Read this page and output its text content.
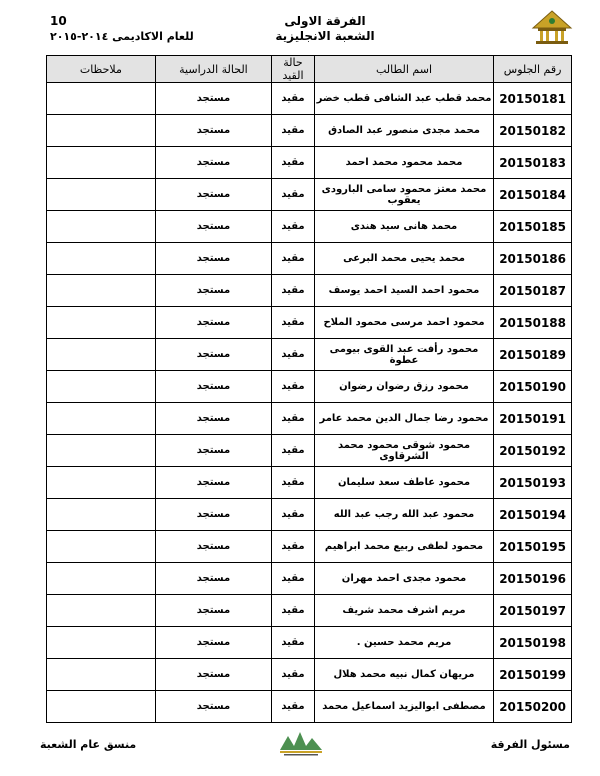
10
للعام الاكاديمى ٢٠١٤-٢٠١٥
الفرقة الاولى
الشعبة الانجليزية
رقم الجلوس	اسم الطالب	حالة القيد	الحالة الدراسية	ملاحظات
20150181	محمد قطب عبد الشافى قطب خضر	مقيد	مستجد	
20150182	محمد مجدى منصور عبد الصادق	مقيد	مستجد	
20150183	محمد محمود محمد احمد	مقيد	مستجد	
20150184	محمد معتز محمود سامى البارودى يعقوب	مقيد	مستجد	
20150185	محمد هانى سيد هندى	مقيد	مستجد	
20150186	محمد يحيى محمد البرعى	مقيد	مستجد	
20150187	محمود احمد السيد احمد يوسف	مقيد	مستجد	
20150188	محمود احمد مرسى محمود الملاح	مقيد	مستجد	
20150189	محمود رأفت عبد القوى بيومى عطوة	مقيد	مستجد	
20150190	محمود رزق رضوان رضوان	مقيد	مستجد	
20150191	محمود رضا جمال الدين محمد عامر	مقيد	مستجد	
20150192	محمود شوقى محمود محمد الشرقاوى	مقيد	مستجد	
20150193	محمود عاطف سعد سليمان	مقيد	مستجد	
20150194	محمود عبد الله رجب عبد الله	مقيد	مستجد	
20150195	محمود لطفى ربيع محمد ابراهيم	مقيد	مستجد	
20150196	محمود مجدى احمد مهران	مقيد	مستجد	
20150197	مريم اشرف محمد شريف	مقيد	مستجد	
20150198	مريم محمد حسين .	مقيد	مستجد	
20150199	مريهان كمال نبيه محمد هلال	مقيد	مستجد	
20150200	مصطفى ابواليزيد اسماعيل محمد	مقيد	مستجد	
مسئول الفرقة
منسق عام الشعبة
